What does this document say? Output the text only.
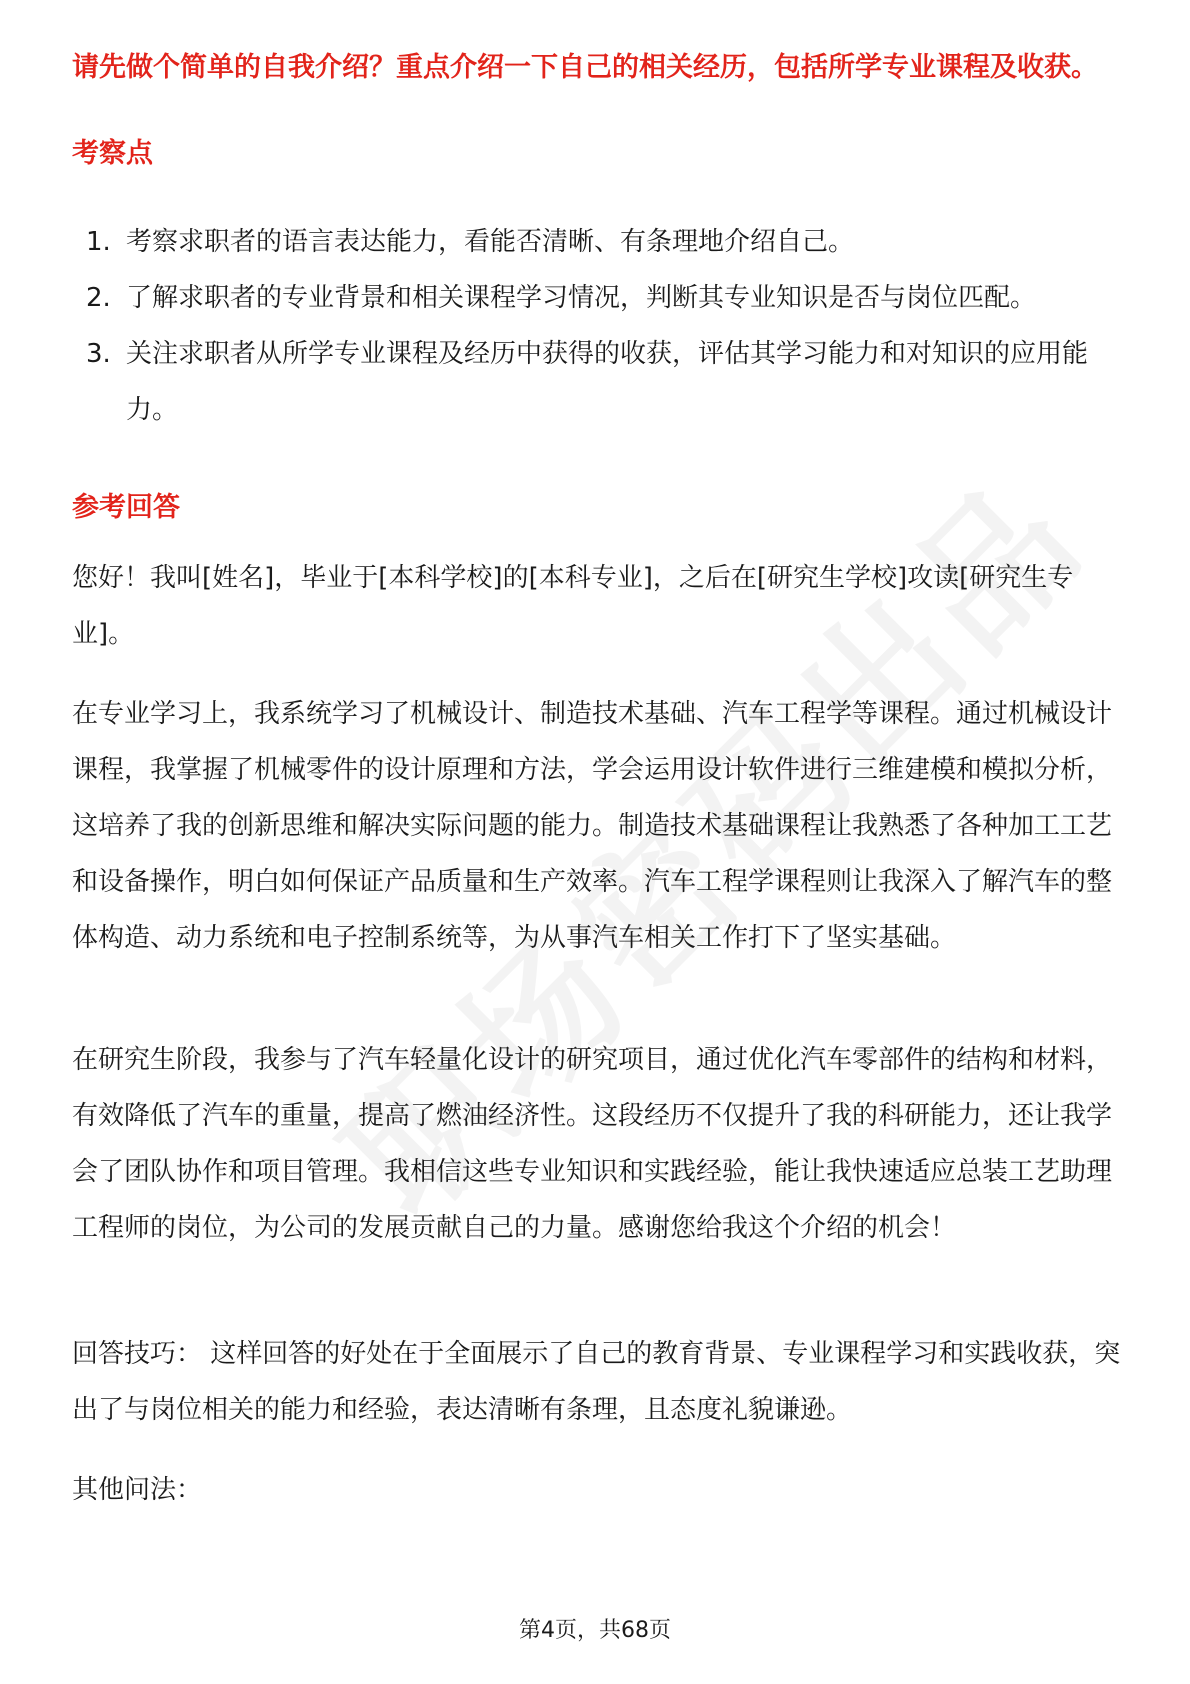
请先做个简单的自我介绍？重点介绍一下自己的相关经历，包括所学专业课程及收获。
考察点
1. 考察求职者的语言表达能力，看能否清晰、有条理地介绍自己。
2. 了解求职者的专业背景和相关课程学习情况，判断其专业知识是否与岗位匹配。
3. 关注求职者从所学专业课程及经历中获得的收获，评估其学习能力和对知识的应用能力。
参考回答

您好！我叫[姓名]，毕业于[本科学校]的[本科专业]，之后在[研究生学校]攻读[研究生专业]。

在专业学习上，我系统学习了机械设计、制造技术基础、汽车工程学等课程。通过机械设计课程，我掌握了机械零件的设计原理和方法，学会运用设计软件进行三维建模和模拟分析，这培养了我的创新思维和解决实际问题的能力。制造技术基础课程让我熟悉了各种加工工艺和设备操作，明白如何保证产品质量和生产效率。汽车工程学课程则让我深入了解汽车的整体构造、动力系统和电子控制系统等，为从事汽车相关工作打下了坚实基础。

在研究生阶段，我参与了汽车轻量化设计的研究项目，通过优化汽车零部件的结构和材料，有效降低了汽车的重量，提高了燃油经济性。这段经历不仅提升了我的科研能力，还让我学会了团队协作和项目管理。我相信这些专业知识和实践经验，能让我快速适应总装工艺助理工程师的岗位，为公司的发展贡献自己的力量。感谢您给我这个介绍的机会！

回答技巧： 这样回答的好处在于全面展示了自己的教育背景、专业课程学习和实践收获，突出了与岗位相关的能力和经验，表达清晰有条理，且态度礼貌谦逊。

其他问法：

第4页，共68页
